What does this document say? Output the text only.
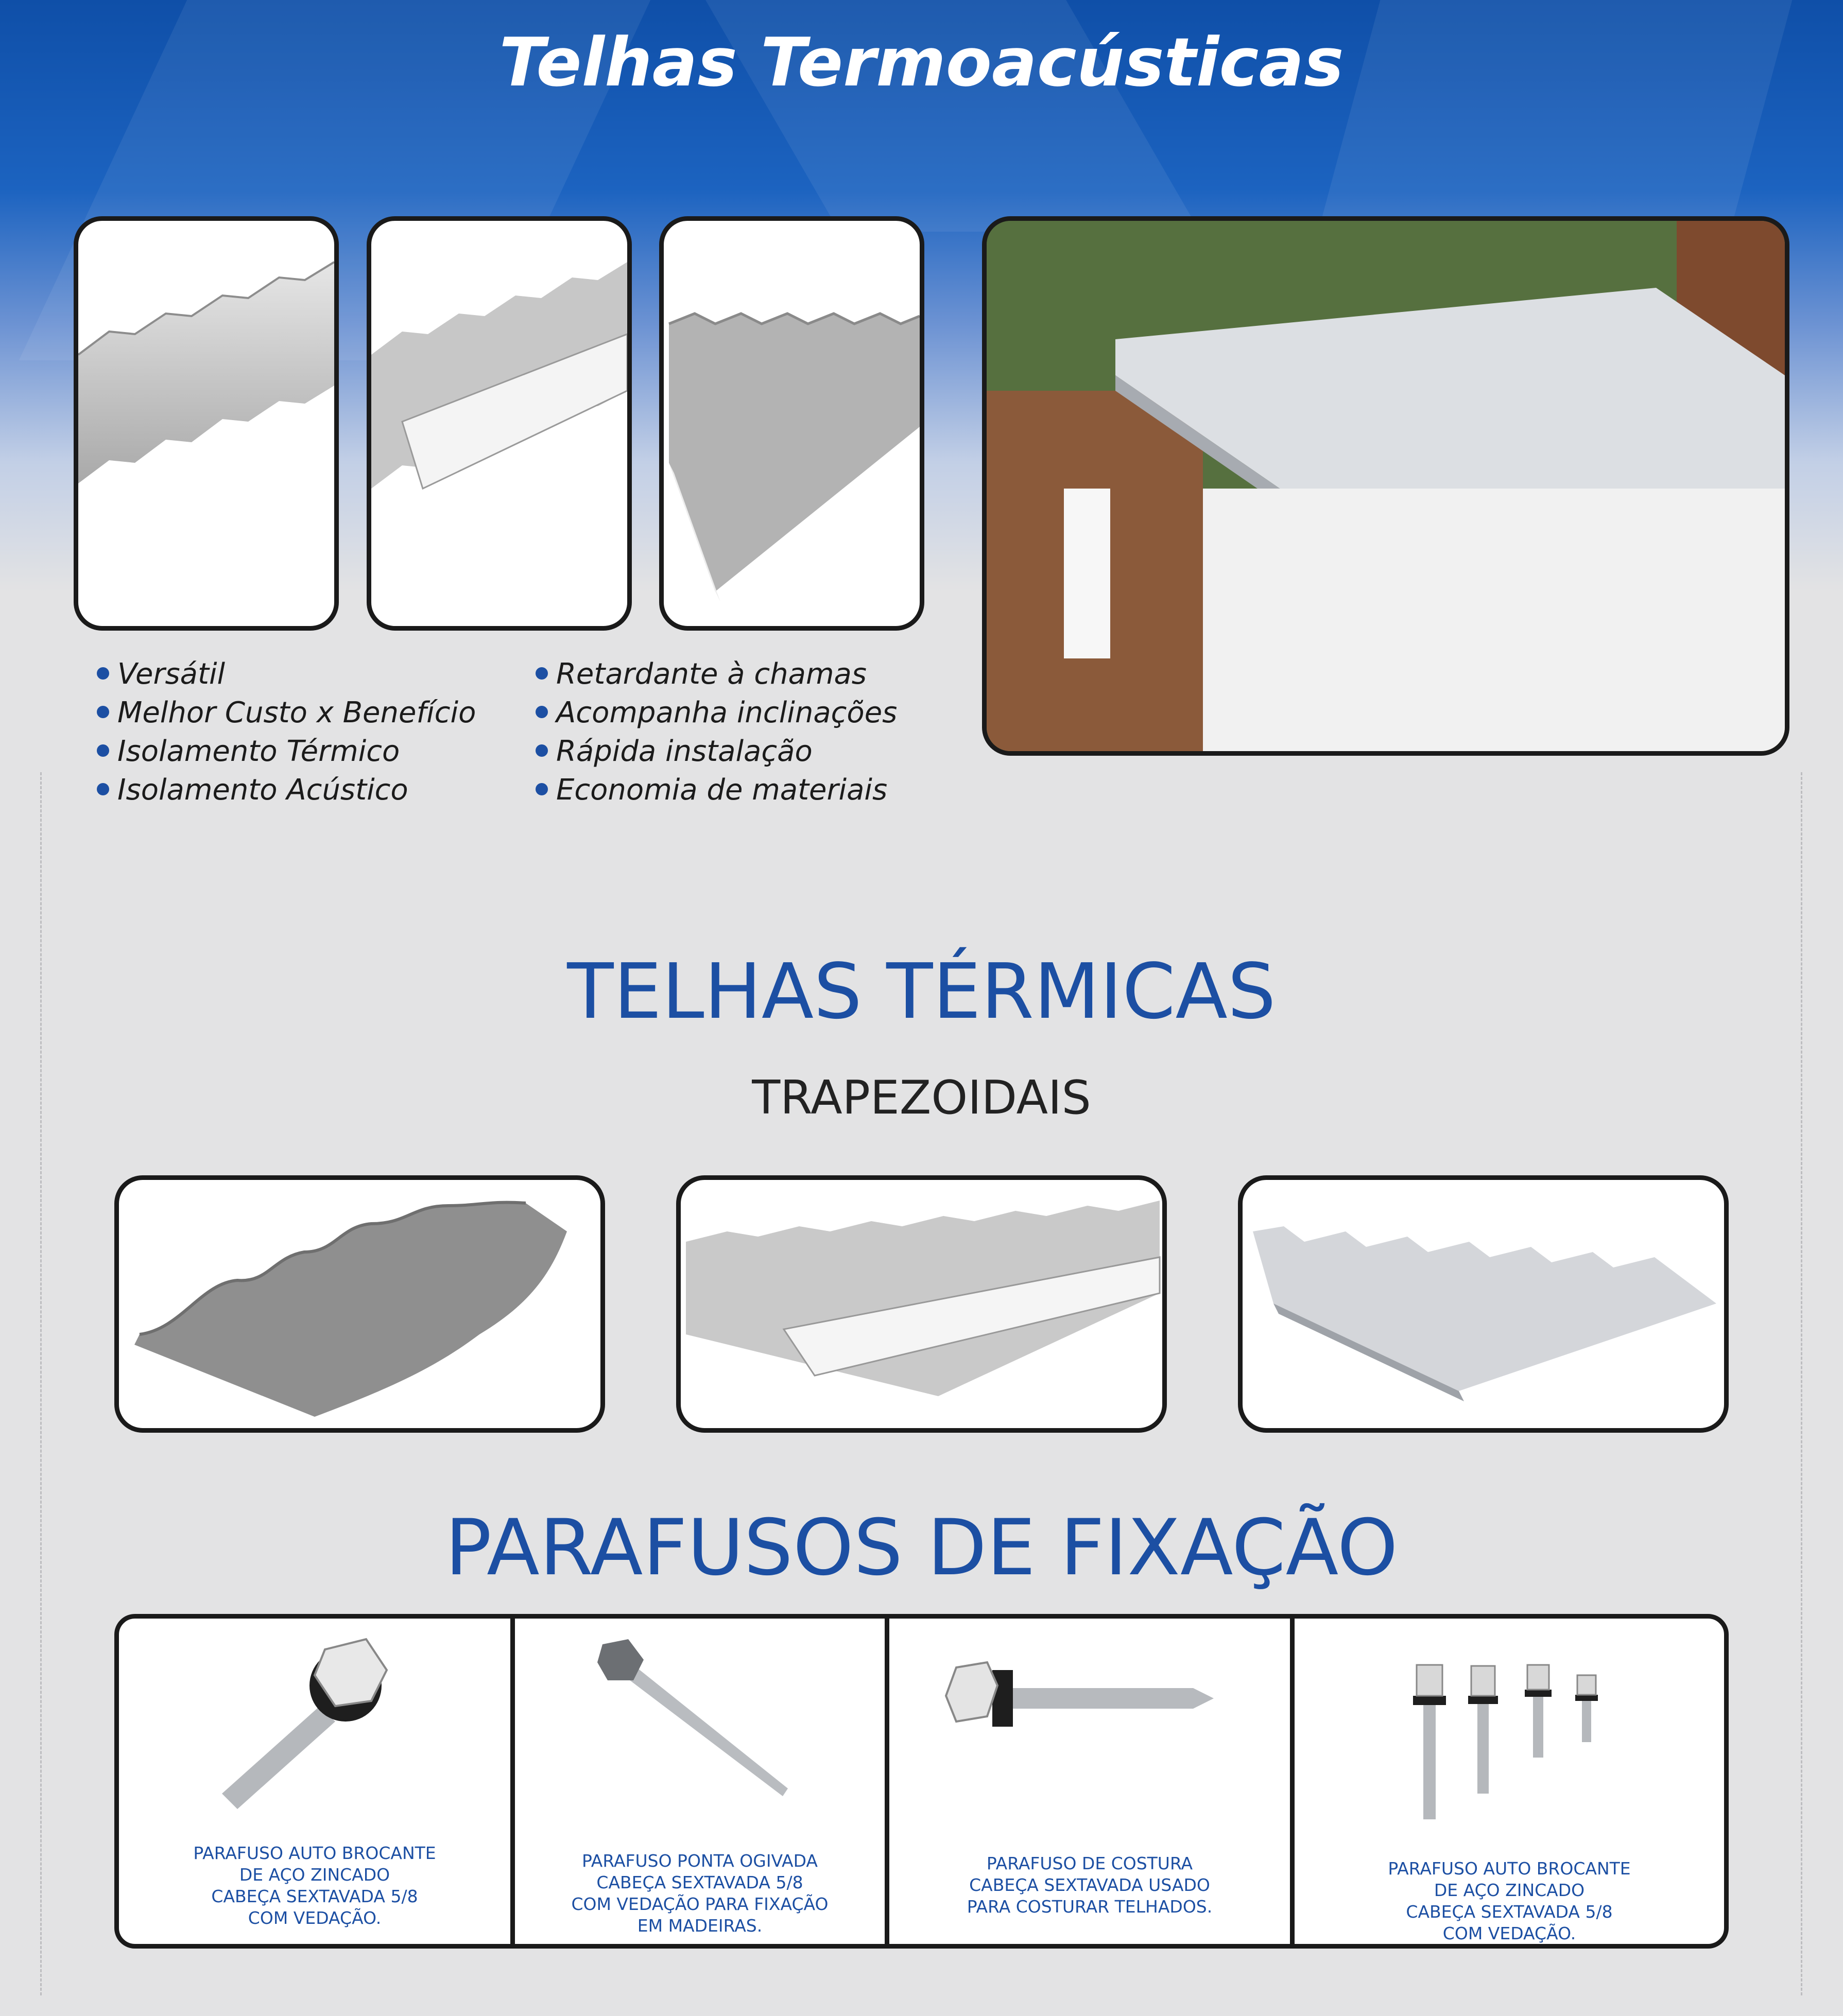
Telhas Termoacústicas
Versátil
Melhor Custo x Benefício
Isolamento Térmico
Isolamento Acústico
Retardante à chamas
Acompanha inclinações
Rápida instalação
Economia de materiais
TELHAS TÉRMICAS
TRAPEZOIDAIS
PARAFUSOS DE FIXAÇÃO

PARAFUSO AUTO BROCANTE
DE AÇO ZINCADO
CABEÇA SEXTAVADA 5/8
COM VEDAÇÃO.

PARAFUSO PONTA OGIVADA
CABEÇA SEXTAVADA 5/8
COM VEDAÇÃO PARA FIXAÇÃO
EM MADEIRAS.

PARAFUSO DE COSTURA
CABEÇA SEXTAVADA USADO
PARA COSTURAR TELHADOS.

PARAFUSO AUTO BROCANTE
DE AÇO ZINCADO
CABEÇA SEXTAVADA 5/8
COM VEDAÇÃO.
